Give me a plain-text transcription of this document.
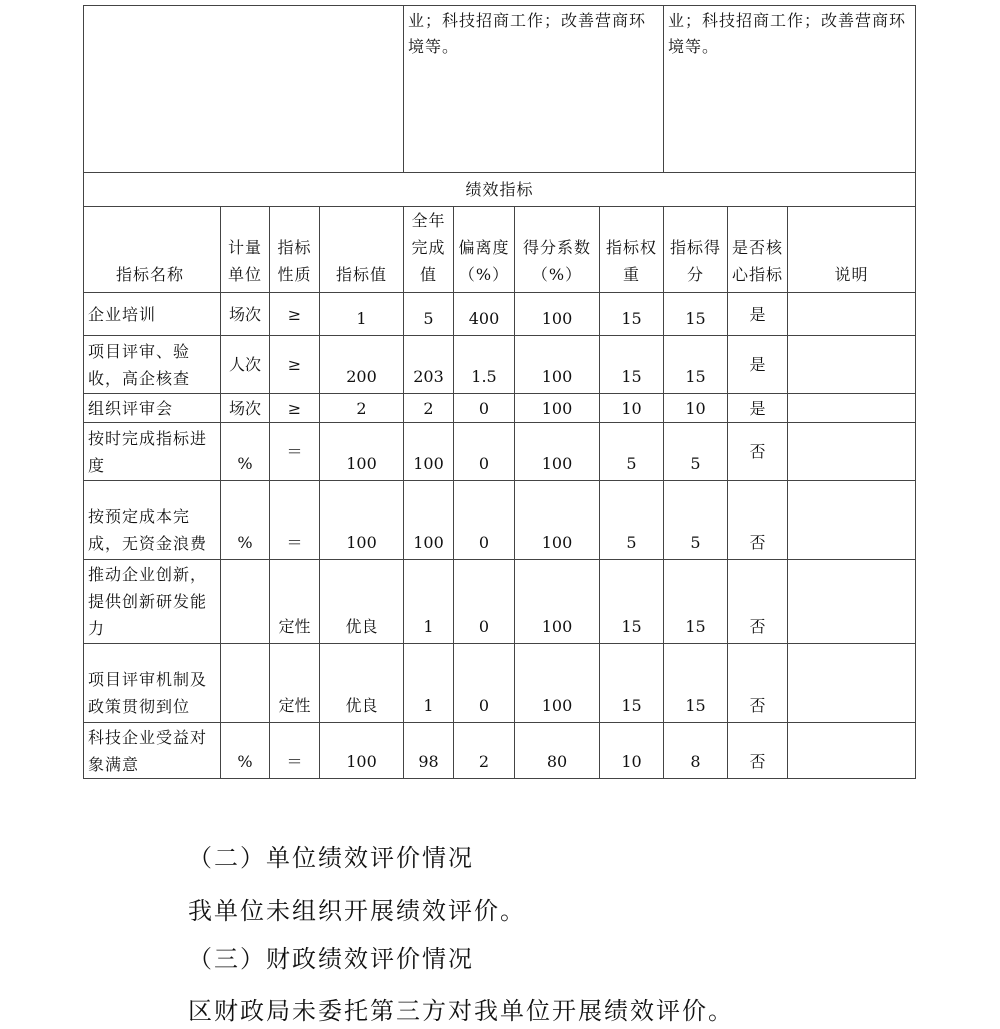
				业；科技招商工作；改善营商环境等。				业；科技招商工作；改善营商环境等。		
绩效指标										
指标名称	计量单位	指标性质	指标值	全年完成值	偏离度（%）	得分系数（%）	指标权重	指标得分	是否核心指标	说明
企业培训	场次	≥	1	5	400	100	15	15	是	
项目评审、验收，高企核查	人次	≥	200	203	1.5	100	15	15	是	
组织评审会	场次	≥	2	2	0	100	10	10	是	
按时完成指标进度	%	＝	100	100	0	100	5	5	否	
按预定成本完成，无资金浪费	%	＝	100	100	0	100	5	5	否	
推动企业创新，提供创新研发能力		定性	优良	1	0	100	15	15	否	
项目评审机制及政策贯彻到位		定性	优良	1	0	100	15	15	否	
科技企业受益对象满意	%	＝	100	98	2	80	10	8	否	
（二）单位绩效评价情况
我单位未组织开展绩效评价。
（三）财政绩效评价情况
区财政局未委托第三方对我单位开展绩效评价。
